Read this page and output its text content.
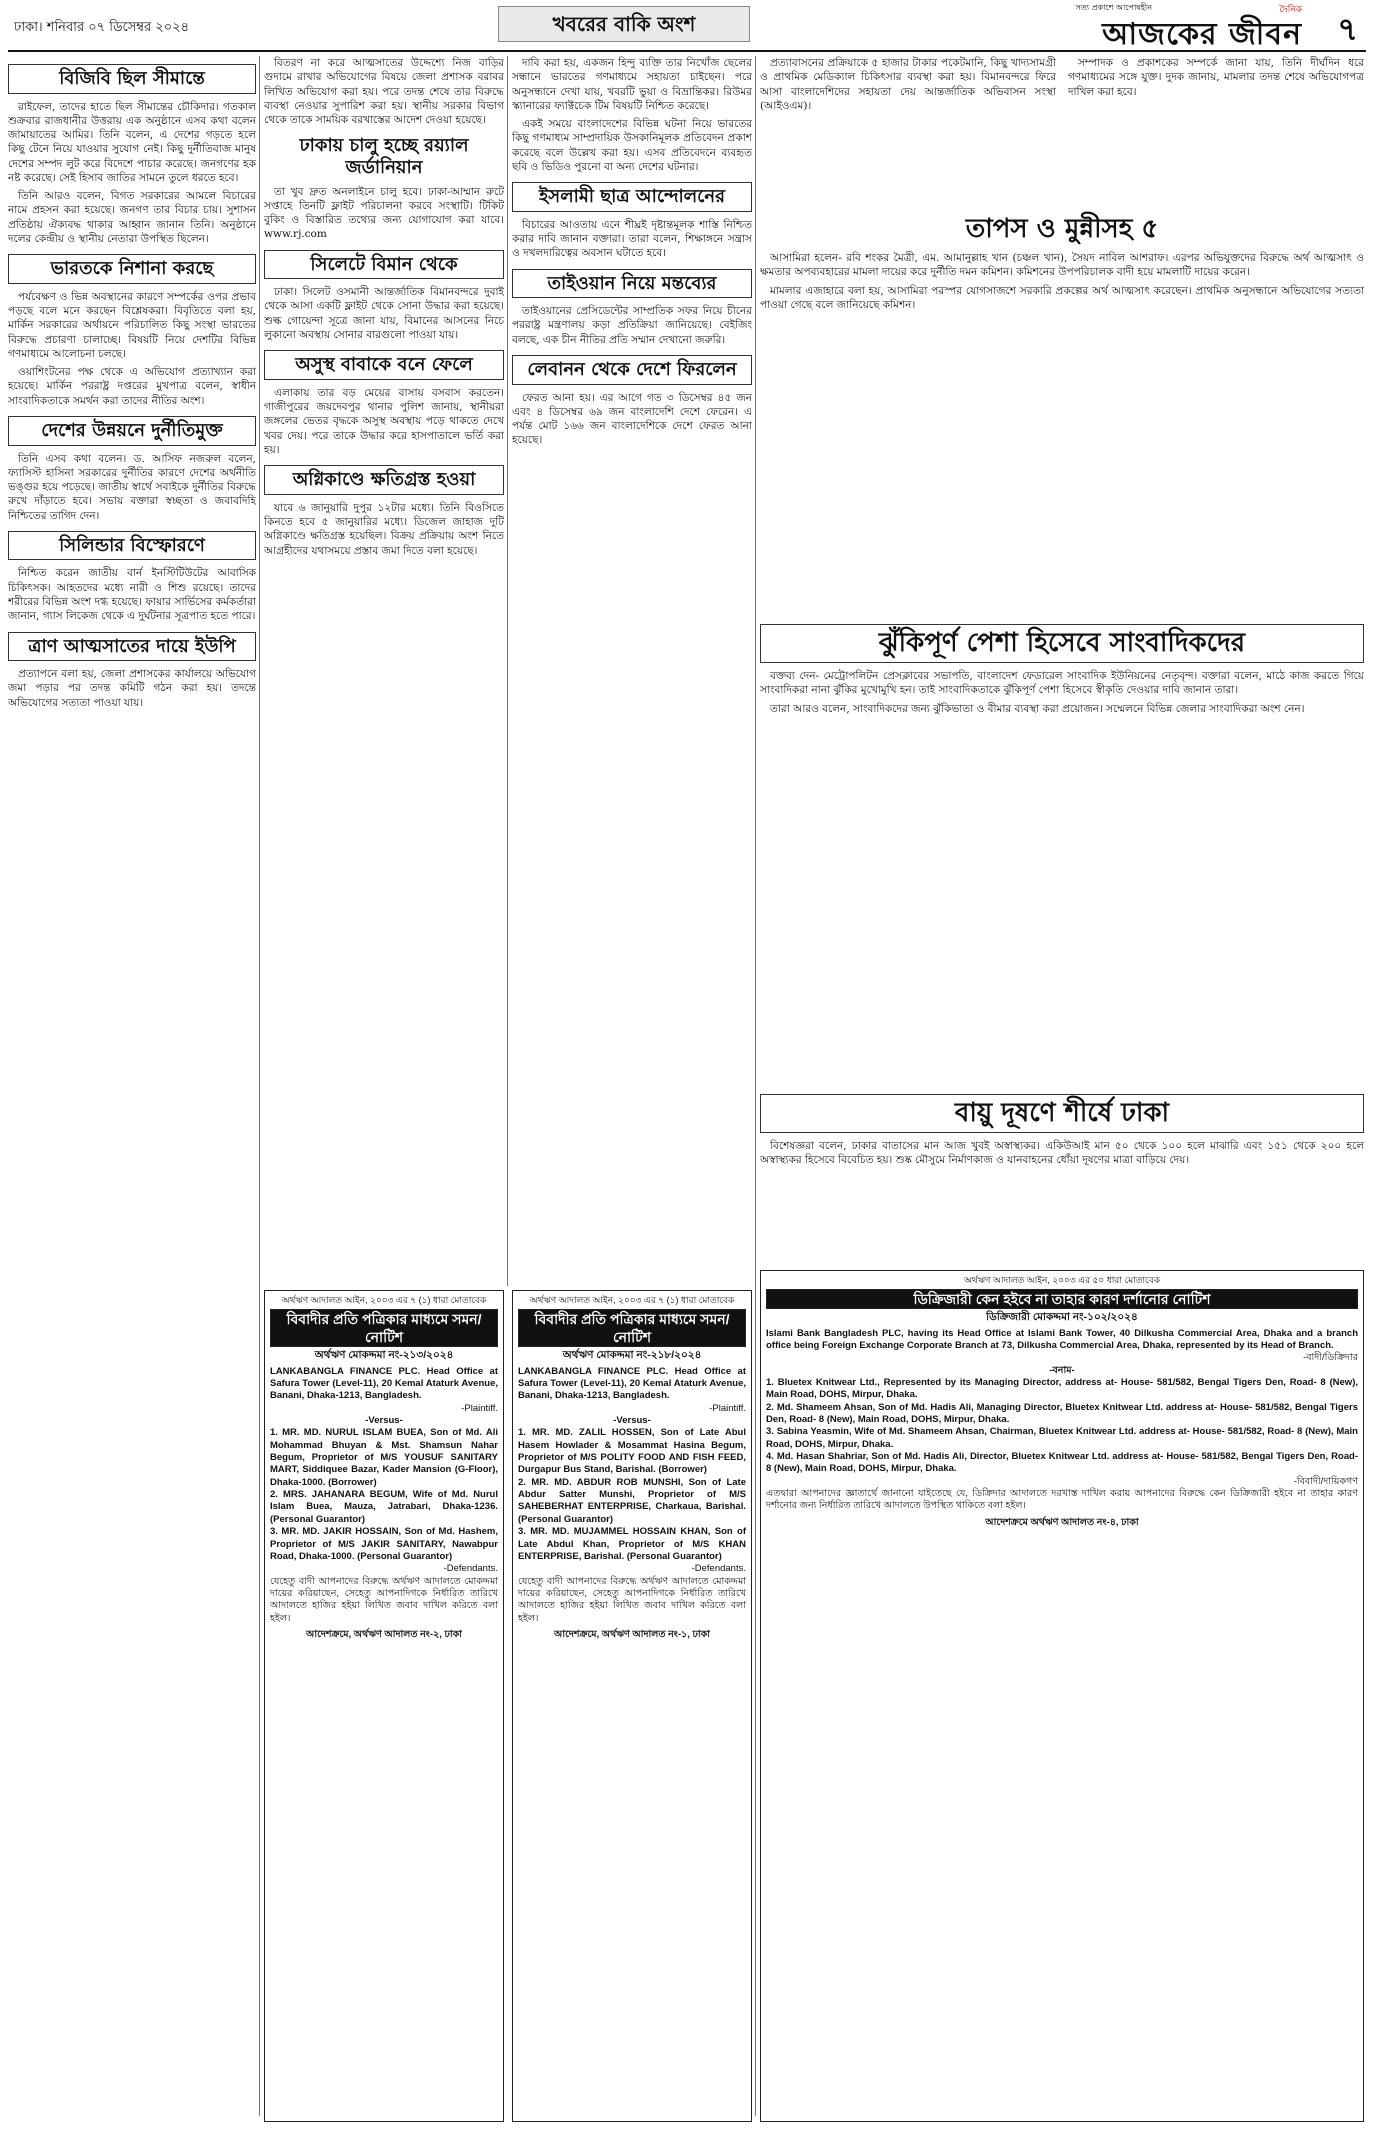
ঢাকা। শনিবার ০৭ ডিসেম্বর ২০২৪	খবরের বাকি অংশ
সত্য প্রকাশে আপোষহীন	দৈনিক
আজকের জীবন ৭
বিজিবি ছিল সীমান্তে

রাইফেল, তাদের হাতে ছিল সীমান্তের চৌকিদার। গতকাল শুক্রবার রাজধানীর উত্তরায় এক অনুষ্ঠানে এসব কথা বলেন জামায়াতের আমির। তিনি বলেন, এ দেশের গড়তে হলে কিছু টেনে নিয়ে যাওয়ার সুযোগ নেই। কিছু দুর্নীতিবাজ মানুষ দেশের সম্পদ লুট করে বিদেশে পাচার করেছে। জনগণের হক নষ্ট করেছে। সেই হিসাব জাতির সামনে তুলে ধরতে হবে।

তিনি আরও বলেন, বিগত সরকারের আমলে বিচারের নামে প্রহসন করা হয়েছে। জনগণ তার বিচার চায়। সুশাসন প্রতিষ্ঠায় ঐক্যবদ্ধ থাকার আহ্বান জানান তিনি। অনুষ্ঠানে দলের কেন্দ্রীয় ও স্থানীয় নেতারা উপস্থিত ছিলেন।

ভারতকে নিশানা করছে

পর্যবেক্ষণ ও ভিন্ন অবস্থানের কারণে সম্পর্কের ওপর প্রভাব পড়ছে বলে মনে করছেন বিশ্লেষকরা। বিবৃতিতে বলা হয়, মার্কিন সরকারের অর্থায়নে পরিচালিত কিছু সংস্থা ভারতের বিরুদ্ধে প্রচারণা চালাচ্ছে। বিষয়টি নিয়ে দেশটির বিভিন্ন গণমাধ্যমে আলোচনা চলছে।

ওয়াশিংটনের পক্ষ থেকে এ অভিযোগ প্রত্যাখ্যান করা হয়েছে। মার্কিন পররাষ্ট্র দপ্তরের মুখপাত্র বলেন, স্বাধীন সাংবাদিকতাকে সমর্থন করা তাদের নীতির অংশ।

দেশের উন্নয়নে দুর্নীতিমুক্ত

তিনি এসব কথা বলেন। ড. আসিফ নজরুল বলেন, ফ্যাসিস্ট হাসিনা সরকারের দুর্নীতির কারণে দেশের অর্থনীতি ভঙ্গুর হয়ে পড়েছে। জাতীয় স্বার্থে সবাইকে দুর্নীতির বিরুদ্ধে রুখে দাঁড়াতে হবে। সভায় বক্তারা স্বচ্ছতা ও জবাবদিহি নিশ্চিতের তাগিদ দেন।

সিলিন্ডার বিস্ফোরণে

নিশ্চিত করেন জাতীয় বার্ন ইনস্টিটিউটের আবাসিক চিকিৎসক। আহতদের মধ্যে নারী ও শিশু রয়েছে। তাদের শরীরের বিভিন্ন অংশ দগ্ধ হয়েছে। ফায়ার সার্ভিসের কর্মকর্তারা জানান, গ্যাস লিকেজ থেকে এ দুর্ঘটনার সূত্রপাত হতে পারে।

ত্রাণ আত্মসাতের দায়ে ইউপি

প্রত্যাপনে বলা হয়, জেলা প্রশাসকের কার্যালয়ে অভিযোগ জমা পড়ার পর তদন্ত কমিটি গঠন করা হয়। তদন্তে অভিযোগের সত্যতা পাওয়া যায়।

বিতরণ না করে আত্মসাতের উদ্দেশ্যে নিজ বাড়ির গুদামে রাখার অভিযোগের বিষয়ে জেলা প্রশাসক বরাবর লিখিত অভিযোগ করা হয়। পরে তদন্ত শেষে তার বিরুদ্ধে ব্যবস্থা নেওয়ার সুপারিশ করা হয়। স্থানীয় সরকার বিভাগ থেকে তাকে সাময়িক বরখাস্তের আদেশ দেওয়া হয়েছে।

ঢাকায় চালু হচ্ছে রয়্যাল জর্ডানিয়ান

তা খুব দ্রুত অনলাইনে চালু হবে। ঢাকা-আম্মান রুটে সপ্তাহে তিনটি ফ্লাইট পরিচালনা করবে সংস্থাটি। টিকিট বুকিং ও বিস্তারিত তথ্যের জন্য যোগাযোগ করা যাবে। www.rj.com

সিলেটে বিমান থেকে

ঢাকা। সিলেট ওসমানী আন্তর্জাতিক বিমানবন্দরে দুবাই থেকে আসা একটি ফ্লাইট থেকে সোনা উদ্ধার করা হয়েছে। শুল্ক গোয়েন্দা সূত্রে জানা যায়, বিমানের আসনের নিচে লুকানো অবস্থায় সোনার বারগুলো পাওয়া যায়।

অসুস্থ বাবাকে বনে ফেলে

এলাকায় তার বড় মেয়ের বাসায় বসবাস করতেন। গাজীপুরের জয়দেবপুর থানার পুলিশ জানায়, স্থানীয়রা জঙ্গলের ভেতর বৃদ্ধকে অসুস্থ অবস্থায় পড়ে থাকতে দেখে খবর দেয়। পরে তাকে উদ্ধার করে হাসপাতালে ভর্তি করা হয়।

অগ্নিকাণ্ডে ক্ষতিগ্রস্ত হওয়া

যাবে ৬ জানুয়ারি দুপুর ১২টার মধ্যে। তিনি বিওসিতে কিনতে হবে ৫ জানুয়ারির মধ্যে। ডিজেল জাহাজ দুটি অগ্নিকাণ্ডে ক্ষতিগ্রস্ত হয়েছিল। বিক্রয় প্রক্রিয়ায় অংশ নিতে আগ্রহীদের যথাসময়ে প্রস্তাব জমা দিতে বলা হয়েছে।

দাবি করা হয়, একজন হিন্দু ব্যক্তি তার নিখোঁজ ছেলের সন্ধানে ভারতের গণমাধ্যমে সহায়তা চাইছেন। পরে অনুসন্ধানে দেখা যায়, খবরটি ভুয়া ও বিভ্রান্তিকর। রিউমর স্ক্যানারের ফ্যাক্টচেক টিম বিষয়টি নিশ্চিত করেছে।

একই সময়ে বাংলাদেশের বিভিন্ন ঘটনা নিয়ে ভারতের কিছু গণমাধ্যম সাম্প্রদায়িক উসকানিমূলক প্রতিবেদন প্রকাশ করেছে বলে উল্লেখ করা হয়। এসব প্রতিবেদনে ব্যবহৃত ছবি ও ভিডিও পুরনো বা অন্য দেশের ঘটনার।

ইসলামী ছাত্র আন্দোলনের

বিচারের আওতায় এনে শীঘ্রই দৃষ্টান্তমূলক শাস্তি নিশ্চিত করার দাবি জানান বক্তারা। তারা বলেন, শিক্ষাঙ্গনে সন্ত্রাস ও দখলদারিত্বের অবসান ঘটাতে হবে।

তাইওয়ান নিয়ে মন্তব্যের

তাইওয়ানের প্রেসিডেন্টের সাম্প্রতিক সফর নিয়ে চীনের পররাষ্ট্র মন্ত্রণালয় কড়া প্রতিক্রিয়া জানিয়েছে। বেইজিং বলছে, এক চীন নীতির প্রতি সম্মান দেখানো জরুরি।

লেবানন থেকে দেশে ফিরলেন

ফেরত আনা হয়। এর আগে গত ৩ ডিসেম্বর ৪৫ জন এবং ৪ ডিসেম্বর ৬৯ জন বাংলাদেশি দেশে ফেরেন। এ পর্যন্ত মোট ১৬৬ জন বাংলাদেশিকে দেশে ফেরত আনা হয়েছে।

প্রত্যাবাসনের প্রক্রিয়াকে ৫ হাজার টাকার পকেটমানি, কিছু খাদ্যসামগ্রী ও প্রাথমিক মেডিক্যাল চিকিৎসার ব্যবস্থা করা হয়। বিমানবন্দরে ফিরে আসা বাংলাদেশিদের সহায়তা দেয় আন্তর্জাতিক অভিবাসন সংস্থা (আইওএম)।

সম্পাদক ও প্রকাশকের সম্পর্কে জানা যায়, তিনি দীর্ঘদিন ধরে গণমাধ্যমের সঙ্গে যুক্ত। দুদক জানায়, মামলার তদন্ত শেষে অভিযোগপত্র দাখিল করা হবে।

তাপস ও মুন্নীসহ ৫

আসামিরা হলেন- রবি শংকর মৈত্রী, এম. আমানুল্লাহ খান (চঞ্চল খান), সৈয়দ নাবিল আশরাফ। এরপর অভিযুক্তদের বিরুদ্ধে অর্থ আত্মসাৎ ও ক্ষমতার অপব্যবহারের মামলা দায়ের করে দুর্নীতি দমন কমিশন। কমিশনের উপপরিচালক বাদী হয়ে মামলাটি দায়ের করেন।

মামলার এজাহারে বলা হয়, আসামিরা পরস্পর যোগসাজশে সরকারি প্রকল্পের অর্থ আত্মসাৎ করেছেন। প্রাথমিক অনুসন্ধানে অভিযোগের সত্যতা পাওয়া গেছে বলে জানিয়েছে কমিশন।

ঝুঁকিপূর্ণ পেশা হিসেবে সাংবাদিকদের

বক্তব্য দেন- মেট্রোপলিটন প্রেসক্লাবের সভাপতি, বাংলাদেশ ফেডারেল সাংবাদিক ইউনিয়নের নেতৃবৃন্দ। বক্তারা বলেন, মাঠে কাজ করতে গিয়ে সাংবাদিকরা নানা ঝুঁকির মুখোমুখি হন। তাই সাংবাদিকতাকে ঝুঁকিপূর্ণ পেশা হিসেবে স্বীকৃতি দেওয়ার দাবি জানান তারা।

তারা আরও বলেন, সাংবাদিকদের জন্য ঝুঁকিভাতা ও বীমার ব্যবস্থা করা প্রয়োজন। সম্মেলনে বিভিন্ন জেলার সাংবাদিকরা অংশ নেন।

বায়ু দূষণে শীর্ষে ঢাকা

বিশেষজ্ঞরা বলেন, ঢাকার বাতাসের মান আজ খুবই অস্বাস্থ্যকর। একিউআই মান ৫০ থেকে ১০০ হলে মাঝারি এবং ১৫১ থেকে ২০০ হলে অস্বাস্থ্যকর হিসেবে বিবেচিত হয়। শুষ্ক মৌসুমে নির্মাণকাজ ও যানবাহনের ধোঁয়া দূষণের মাত্রা বাড়িয়ে দেয়।

অর্থঋণ আদালত আইন, ২০০৩ এর ৫০ ধারা মোতাবেক
ডিক্রিজারী কেন হইবে না তাহার কারণ দর্শানোর নোটিশ
ডিক্রিজারী মোকদ্দমা নং-১০২/২০২৪
Islami Bank Bangladesh PLC, having its Head Office at Islami Bank Tower, 40 Dilkusha Commercial Area, Dhaka and a branch office being Foreign Exchange Corporate Branch at 73, Dilkusha Commercial Area, Dhaka, represented by its Head of Branch.
-বাদী/ডিক্রিদার
-বনাম-
1. Bluetex Knitwear Ltd., Represented by its Managing Director, address at- House- 581/582, Bengal Tigers Den, Road- 8 (New), Main Road, DOHS, Mirpur, Dhaka.
2. Md. Shameem Ahsan, Son of Md. Hadis Ali, Managing Director, Bluetex Knitwear Ltd. address at- House- 581/582, Bengal Tigers Den, Road- 8 (New), Main Road, DOHS, Mirpur, Dhaka.
3. Sabina Yeasmin, Wife of Md. Shameem Ahsan, Chairman, Bluetex Knitwear Ltd. address at- House- 581/582, Road- 8 (New), Main Road, DOHS, Mirpur, Dhaka.
4. Md. Hasan Shahriar, Son of Md. Hadis Ali, Director, Bluetex Knitwear Ltd. address at- House- 581/582, Bengal Tigers Den, Road- 8 (New), Main Road, DOHS, Mirpur, Dhaka.
-বিবাদী/দায়িকগণ
এতদ্বারা আপনাদের জ্ঞাতার্থে জানানো যাইতেছে যে, ডিক্রিদার আদালতে দরখাস্ত দাখিল করায় আপনাদের বিরুদ্ধে কেন ডিক্রিজারী হইবে না তাহার কারণ দর্শানোর জন্য নির্ধারিত তারিখে আদালতে উপস্থিত থাকিতে বলা হইল।
আদেশক্রমে অর্থঋণ আদালত নং-৪, ঢাকা
অর্থঋণ আদালত আইন, ২০০৩ এর ৭ (১) ধারা মোতাবেক
বিবাদীর প্রতি পত্রিকার মাধ্যমে সমন/নোটিশ
অর্থঋণ মোকদ্দমা নং-২১৩/২০২৪
LANKABANGLA FINANCE PLC. Head Office at Safura Tower (Level-11), 20 Kemal Ataturk Avenue, Banani, Dhaka-1213, Bangladesh.
-Plaintiff.
-Versus-
1. MR. MD. NURUL ISLAM BUEA, Son of Md. Ali Mohammad Bhuyan & Mst. Shamsun Nahar Begum, Proprietor of M/S YOUSUF SANITARY MART, Siddiquee Bazar, Kader Mansion (G-Floor), Dhaka-1000. (Borrower)
2. MRS. JAHANARA BEGUM, Wife of Md. Nurul Islam Buea, Mauza, Jatrabari, Dhaka-1236. (Personal Guarantor)
3. MR. MD. JAKIR HOSSAIN, Son of Md. Hashem, Proprietor of M/S JAKIR SANITARY, Nawabpur Road, Dhaka-1000. (Personal Guarantor)
-Defendants.
যেহেতু বাদী আপনাদের বিরুদ্ধে অর্থঋণ আদালতে মোকদ্দমা দায়ের করিয়াছেন, সেহেতু আপনাদিগকে নির্ধারিত তারিখে আদালতে হাজির হইয়া লিখিত জবাব দাখিল করিতে বলা হইল।
আদেশক্রমে, অর্থঋণ আদালত নং-২, ঢাকা
অর্থঋণ আদালত আইন, ২০০৩ এর ৭ (১) ধারা মোতাবেক
বিবাদীর প্রতি পত্রিকার মাধ্যমে সমন/নোটিশ
অর্থঋণ মোকদ্দমা নং-২১৮/২০২৪
LANKABANGLA FINANCE PLC. Head Office at Safura Tower (Level-11), 20 Kemal Ataturk Avenue, Banani, Dhaka-1213, Bangladesh.
-Plaintiff.
-Versus-
1. MR. MD. ZALIL HOSSEN, Son of Late Abul Hasem Howlader & Mosammat Hasina Begum, Proprietor of M/S POLITY FOOD AND FISH FEED, Durgapur Bus Stand, Barishal. (Borrower)
2. MR. MD. ABDUR ROB MUNSHI, Son of Late Abdur Satter Munshi, Proprietor of M/S SAHEBERHAT ENTERPRISE, Charkaua, Barishal. (Personal Guarantor)
3. MR. MD. MUJAMMEL HOSSAIN KHAN, Son of Late Abdul Khan, Proprietor of M/S KHAN ENTERPRISE, Barishal. (Personal Guarantor)
-Defendants.
যেহেতু বাদী আপনাদের বিরুদ্ধে অর্থঋণ আদালতে মোকদ্দমা দায়ের করিয়াছেন, সেহেতু আপনাদিগকে নির্ধারিত তারিখে আদালতে হাজির হইয়া লিখিত জবাব দাখিল করিতে বলা হইল।
আদেশক্রমে, অর্থঋণ আদালত নং-১, ঢাকা
